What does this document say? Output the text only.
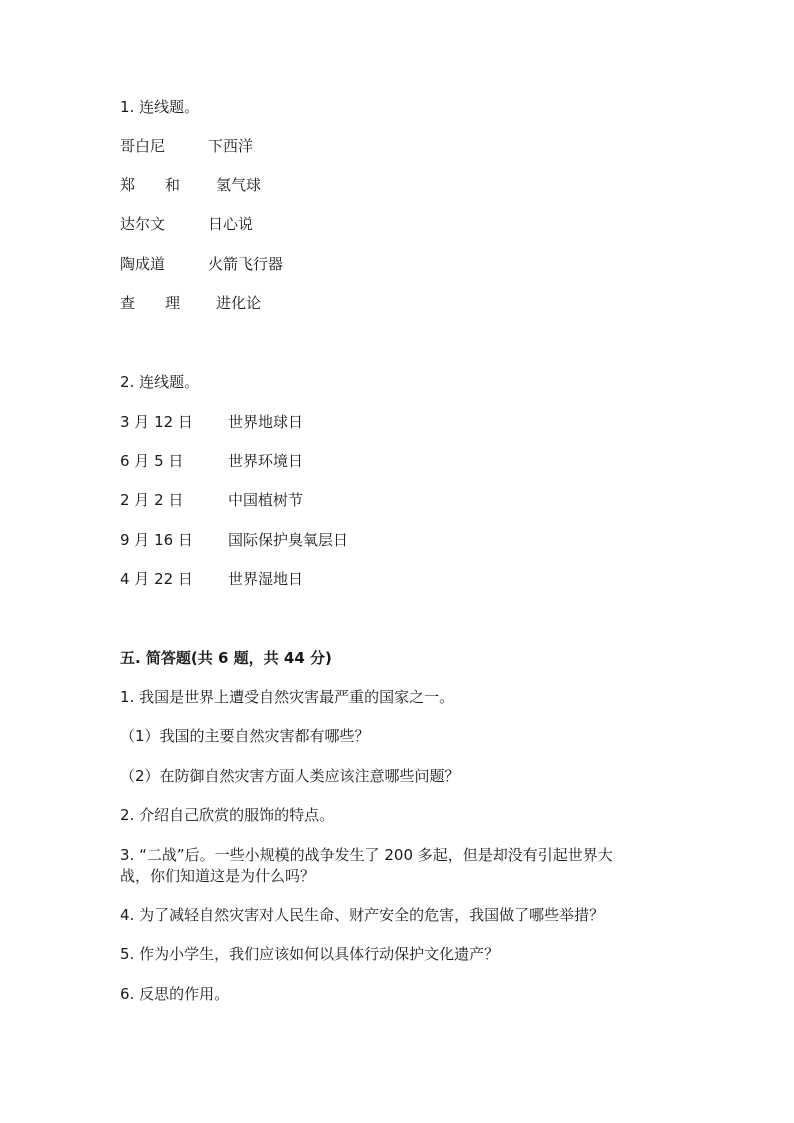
1. 连线题。
哥白尼	下西洋
郑　　和 氢气球
达尔文	日心说
陶成道	火箭飞行器
查　　理 进化论
2. 连线题。
3 月 12 日 世界地球日
6 月 5 日	世界环境日
2 月 2 日	中国植树节
9 月 16 日 国际保护臭氧层日
4 月 22 日 世界湿地日
五. 简答题(共 6 题，共 44 分)
1. 我国是世界上遭受自然灾害最严重的国家之一。
（1）我国的主要自然灾害都有哪些？
（2）在防御自然灾害方面人类应该注意哪些问题？
2. 介绍自己欣赏的服饰的特点。
3. “二战”后。一些小规模的战争发生了 200 多起，但是却没有引起世界大
战，你们知道这是为什么吗？
4. 为了减轻自然灾害对人民生命、财产安全的危害，我国做了哪些举措？
5. 作为小学生，我们应该如何以具体行动保护文化遗产？
6. 反思的作用。
